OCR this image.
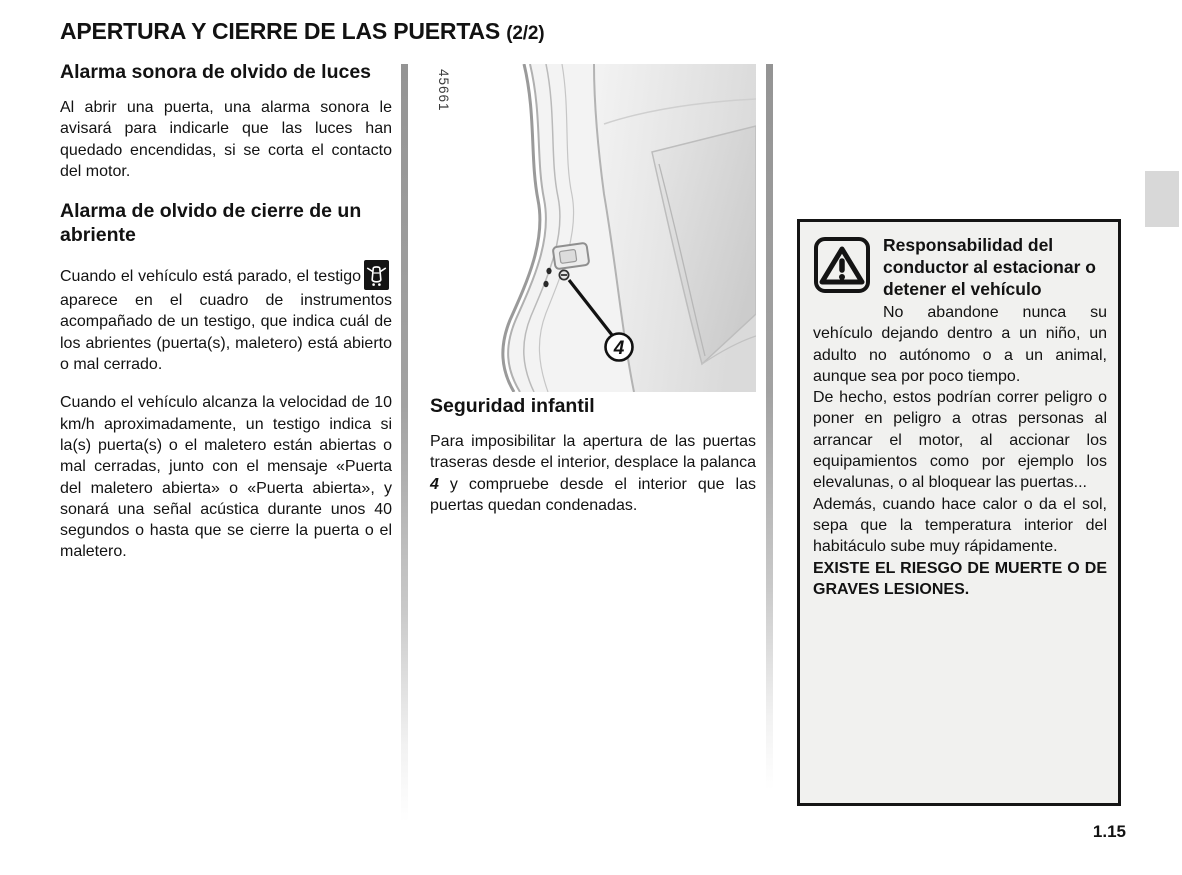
APERTURA Y CIERRE DE LAS PUERTAS (2/2)
Alarma sonora de olvido de luces

Al abrir una puerta, una alarma sonora le avisará para indicarle que las luces han quedado encendidas, si se corta el contacto del motor.

Alarma de olvido de cierre de un abriente

Cuando el vehículo está parado, el testigoaparece en el cuadro de instrumentos acompañado de un testigo, que indica cuál de los abrientes (puerta(s), maletero) está abierto o mal cerrado.

Cuando el vehículo alcanza la velocidad de 10 km/h aproximadamente, un testigo indica si la(s) puerta(s) o el maletero están abiertas o mal cerradas, junto con el mensaje «Puerta del maletero abierta» o «Puerta abierta», y sonará una señal acústica durante unos 40 segundos o hasta que se cierre la puerta o el maletero.

45661
4
Seguridad infantil

Para imposibilitar la apertura de las puertas traseras desde el interior, desplace la palanca 4 y compruebe desde el interior que las puertas quedan condenadas.

Responsabilidad del conductor al estacionar o detener el vehículo

No abandone nunca su vehículo dejando dentro a un niño, un adulto no autónomo o a un animal, aunque sea por poco tiempo.

De hecho, estos podrían correr peligro o poner en peligro a otras personas al arrancar el motor, al accionar los equipamientos como por ejemplo los elevalunas, o al bloquear las puertas...

Además, cuando hace calor o da el sol, sepa que la temperatura interior del habitáculo sube muy rápidamente.

EXISTE EL RIESGO DE MUERTE O DE GRAVES LESIONES.

1.15
